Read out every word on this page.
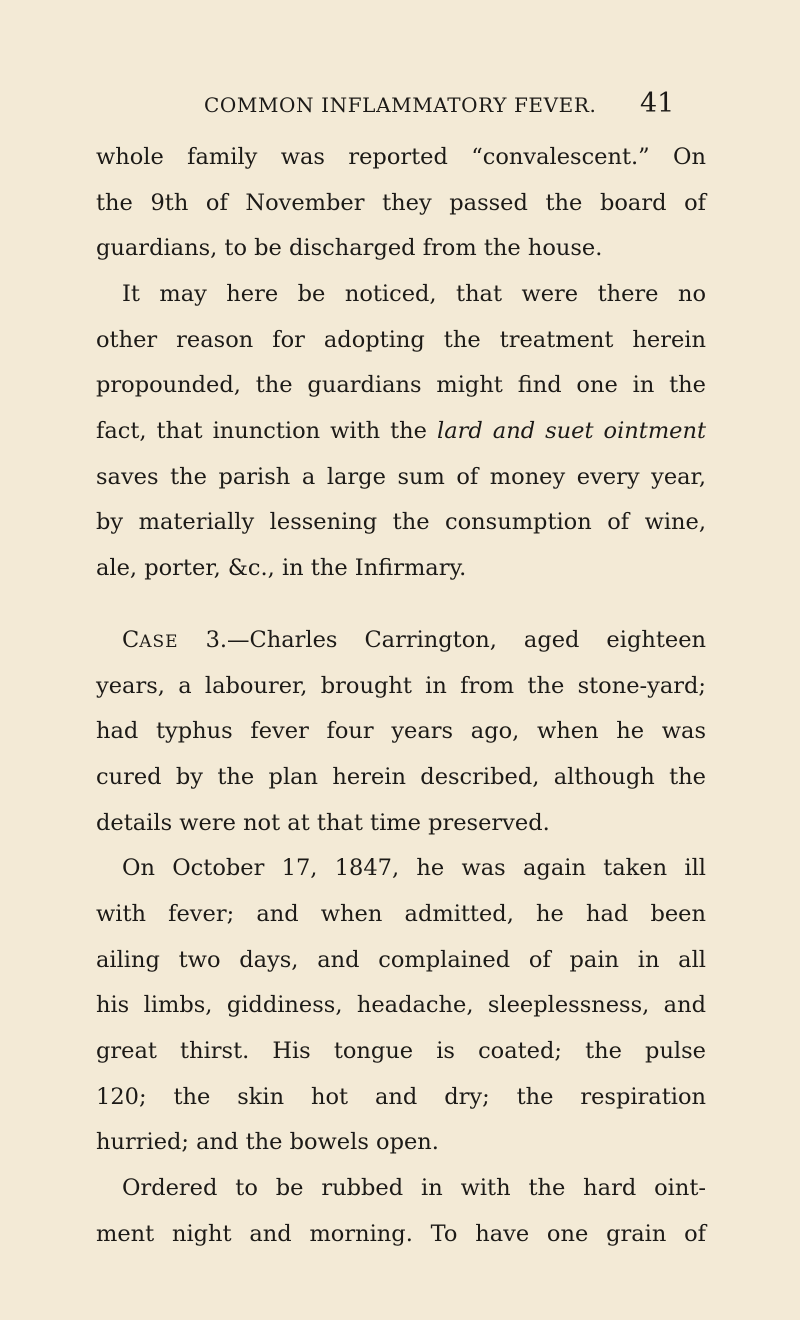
COMMON INFLAMMATORY FEVER. 41
whole family was reported “convalescent.” On
the 9th of November they passed the board of
guardians, to be discharged from the house.
It may here be noticed, that were there no
other reason for adopting the treatment herein
propounded, the guardians might find one in the
fact, that inunction with the lard and suet ointment
saves the parish a large sum of money every year,
by materially lessening the consumption of wine,
ale, porter, &c., in the Infirmary.
CASE 3.—Charles Carrington, aged eighteen
years, a labourer, brought in from the stone-yard;
had typhus fever four years ago, when he was
cured by the plan herein described, although the
details were not at that time preserved.
On October 17, 1847, he was again taken ill
with fever; and when admitted, he had been
ailing two days, and complained of pain in all
his limbs, giddiness, headache, sleeplessness, and
great thirst. His tongue is coated; the pulse
120; the skin hot and dry; the respiration
hurried; and the bowels open.
Ordered to be rubbed in with the hard oint-
ment night and morning. To have one grain of
